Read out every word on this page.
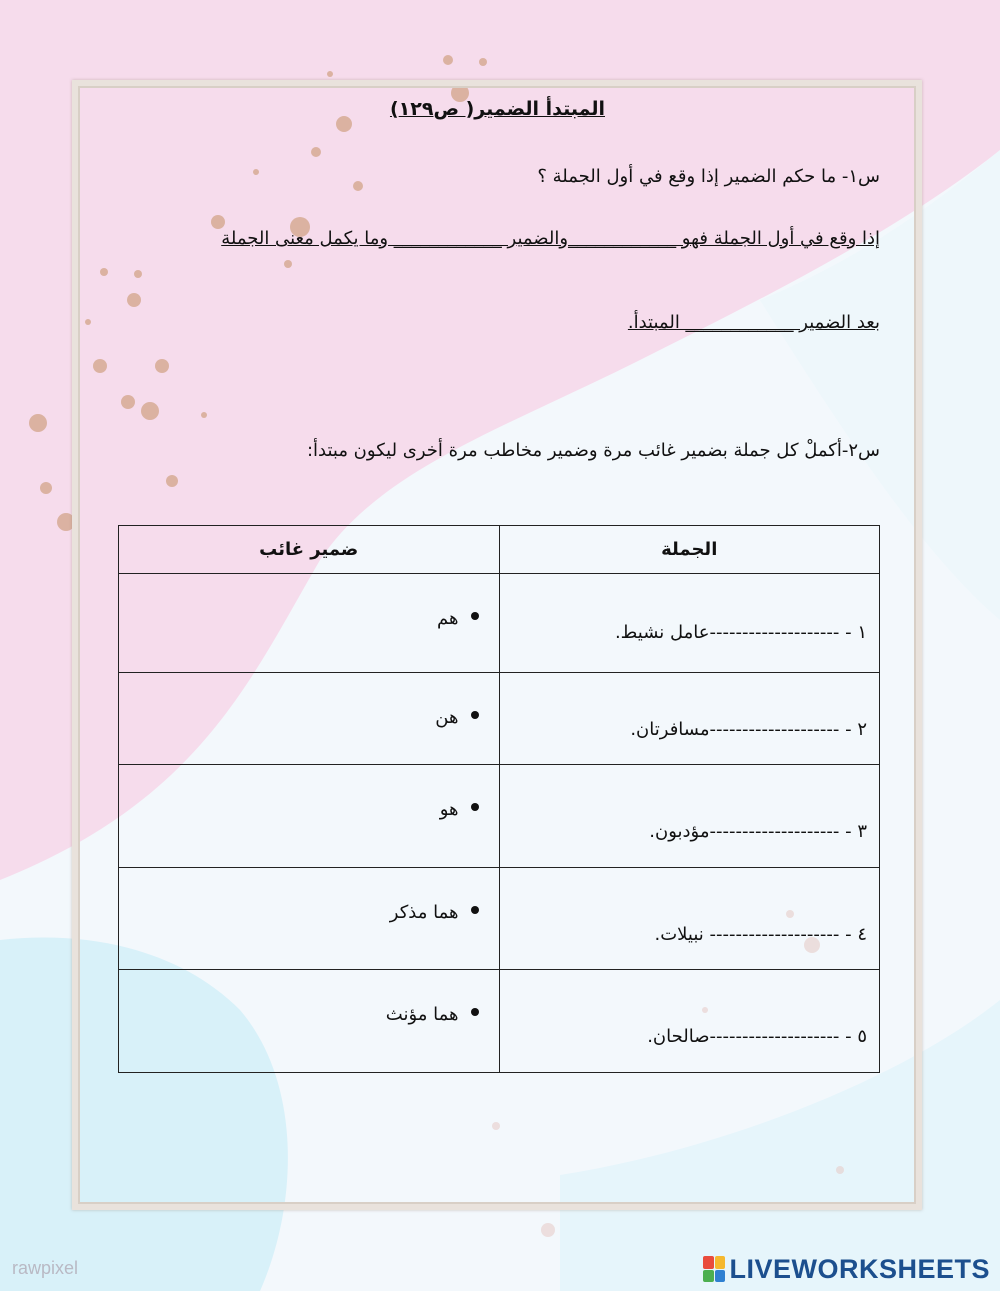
المبتدأ الضمير( ص١٢٩)
س١- ما حكم الضمير إذا وقع في أول الجملة ؟
إذا وقع في أول الجملة فهو ____________والضمير ____________ وما يكمل معنى الجملة
بعد الضمير ____________ المبتدأ.
س٢-أكملْ كل جملة بضمير غائب مرة وضمير مخاطب مرة أخرى ليكون مبتدأ:
الجملة	ضمير غائب

١ - --------------------عامل نشيط.	هم

٢ - --------------------مسافرتان.	هن

٣ - --------------------مؤدبون.	هو

٤ - -------------------- نبيلات.	هما مذكر

٥ - --------------------صالحان.	هما مؤنث
rawpixel	LIVEWORKSHEETS
